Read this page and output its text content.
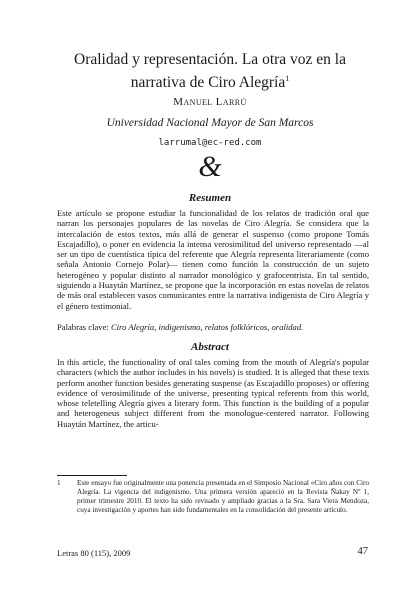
Oralidad y representación. La otra voz en la narrativa de Ciro Alegría$^1$
Manuel Larrú
Universidad Nacional Mayor de San Marcos
larrumal@ec-red.com
&
Resumen
Este artículo se propone estudiar la funcionalidad de los relatos de tradición oral que narran los personajes populares de las novelas de Ciro Alegría. Se considera que la intercalación de estos textos, más allá de generar el suspenso (como propone Tomás Escajadillo), o poner en evidencia la intensa verosimilitud del universo representado —al ser un tipo de cuentística típica del referente que Alegría representa literariamente (como señala Antonio Cornejo Polar)— tienen como función la construcción de un sujeto heterogéneo y popular distinto al narrador monológico y grafocentrista. En tal sentido, siguiendo a Huaytán Martínez, se propone que la incorporación en estas novelas de relatos de más oral establecen vasos comunicantes entre la narrativa indigenista de Ciro Alegría y el género testimonial.
Palabras clave: Ciro Alegría, indigenismo, relatos folklóricos, oralidad.
Abstract
In this article, the functionality of oral tales coming from the mouth of Alegría's popular characters (which the author includes in his novels) is studied. It is alleged that these texts perform another function besides generating suspense (as Escajadillo proposes) or offering evidence of verosimilitude of the universe, presenting typical referents from this world, whose teletelling Alegría gives a literary form. This function is the building of a popular and heterogeneus subject different from the monologue-centered narrator. Following Huaytán Martínez, the articu-
1	Este ensayo fue originalmente una ponencia presentada en el Simposio Nacional «Ciro años con Ciro Alegría. La vigencia del indigenismo. Una primera versión apareció en la Revista Ñakay Nº 1, primer trimestre 2010. El texto ha sido revisado y ampliado gracias a la Sra. Sara Viera Mendoza, cuya investigación y aportes han sido fundamentales en la consolidación del presente artículo.
Letras 80 (115), 2009	47
